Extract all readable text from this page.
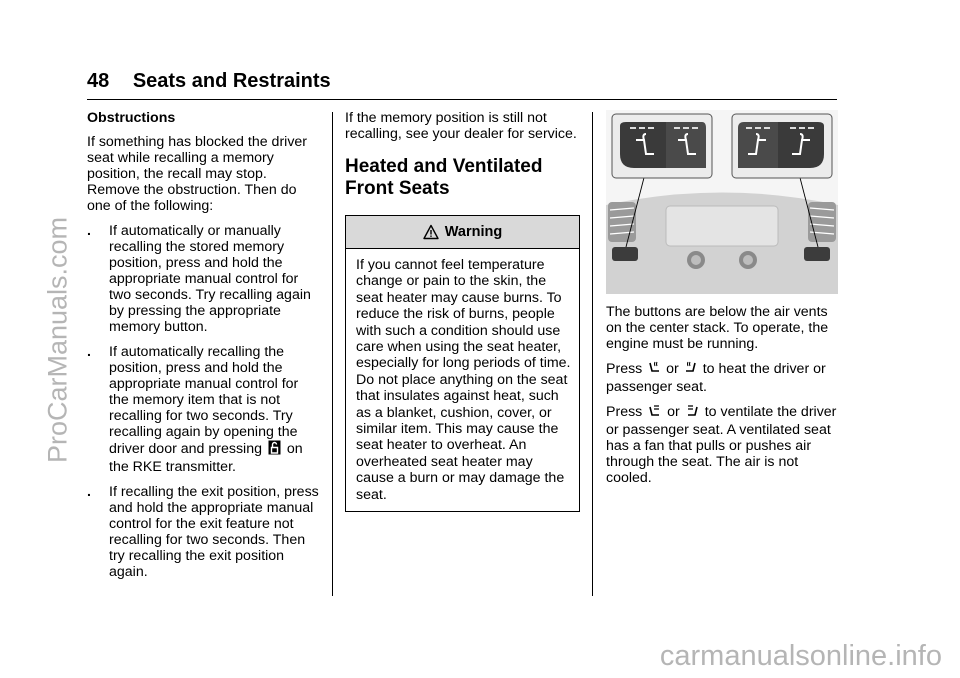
48 Seats and Restraints
Obstructions

If something has blocked the driver seat while recalling a memory position, the recall may stop. Remove the obstruction. Then do one of the following:

. If automatically or manually recalling the stored memory position, press and hold the appropriate manual control for two seconds. Try recalling again by pressing the appropriate memory button.
. If automatically recalling the position, press and hold the appropriate manual control for the memory item that is not recalling for two seconds. Try recalling again by opening the driver door and pressing on the RKE transmitter.
. If recalling the exit position, press and hold the appropriate manual control for the exit feature not recalling for two seconds. Then try recalling the exit position again.

If the memory position is still not recalling, see your dealer for service.

Heated and Ventilated Front Seats
Warning
If you cannot feel temperature change or pain to the skin, the seat heater may cause burns. To reduce the risk of burns, people with such a condition should use care when using the seat heater, especially for long periods of time. Do not place anything on the seat that insulates against heat, such as a blanket, cushion, cover, or similar item. This may cause the seat heater to overheat. An overheated seat heater may cause a burn or may damage the seat.

The buttons are below the air vents on the center stack. To operate, the engine must be running.

Press or to heat the driver or passenger seat.

Press or to ventilate the driver or passenger seat. A ventilated seat has a fan that pulls or pushes air through the seat. The air is not cooled.

ProCarManuals.com
carmanualsonline.info
